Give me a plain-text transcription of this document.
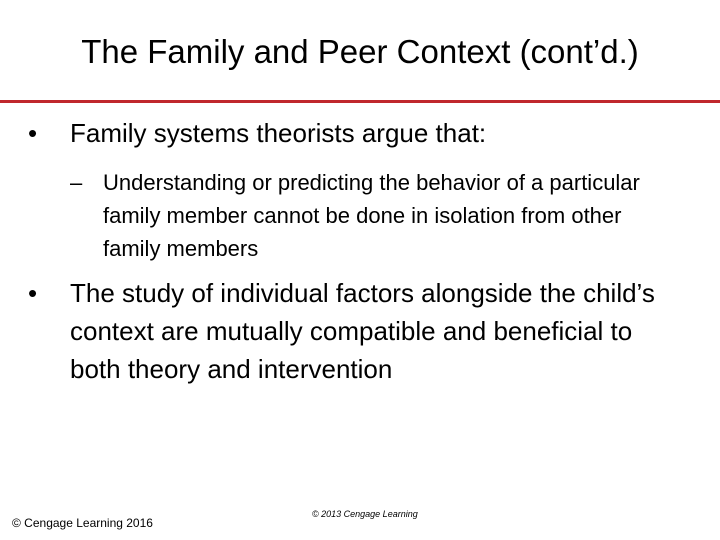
The Family and Peer Context (cont’d.)
• Family systems theorists argue that:
– Understanding or predicting the behavior of a particular family member cannot be done in isolation from other family members
• The study of individual factors alongside the child’s context are mutually compatible and beneficial to both theory and intervention
© Cengage Learning 2016
© 2013 Cengage Learning
